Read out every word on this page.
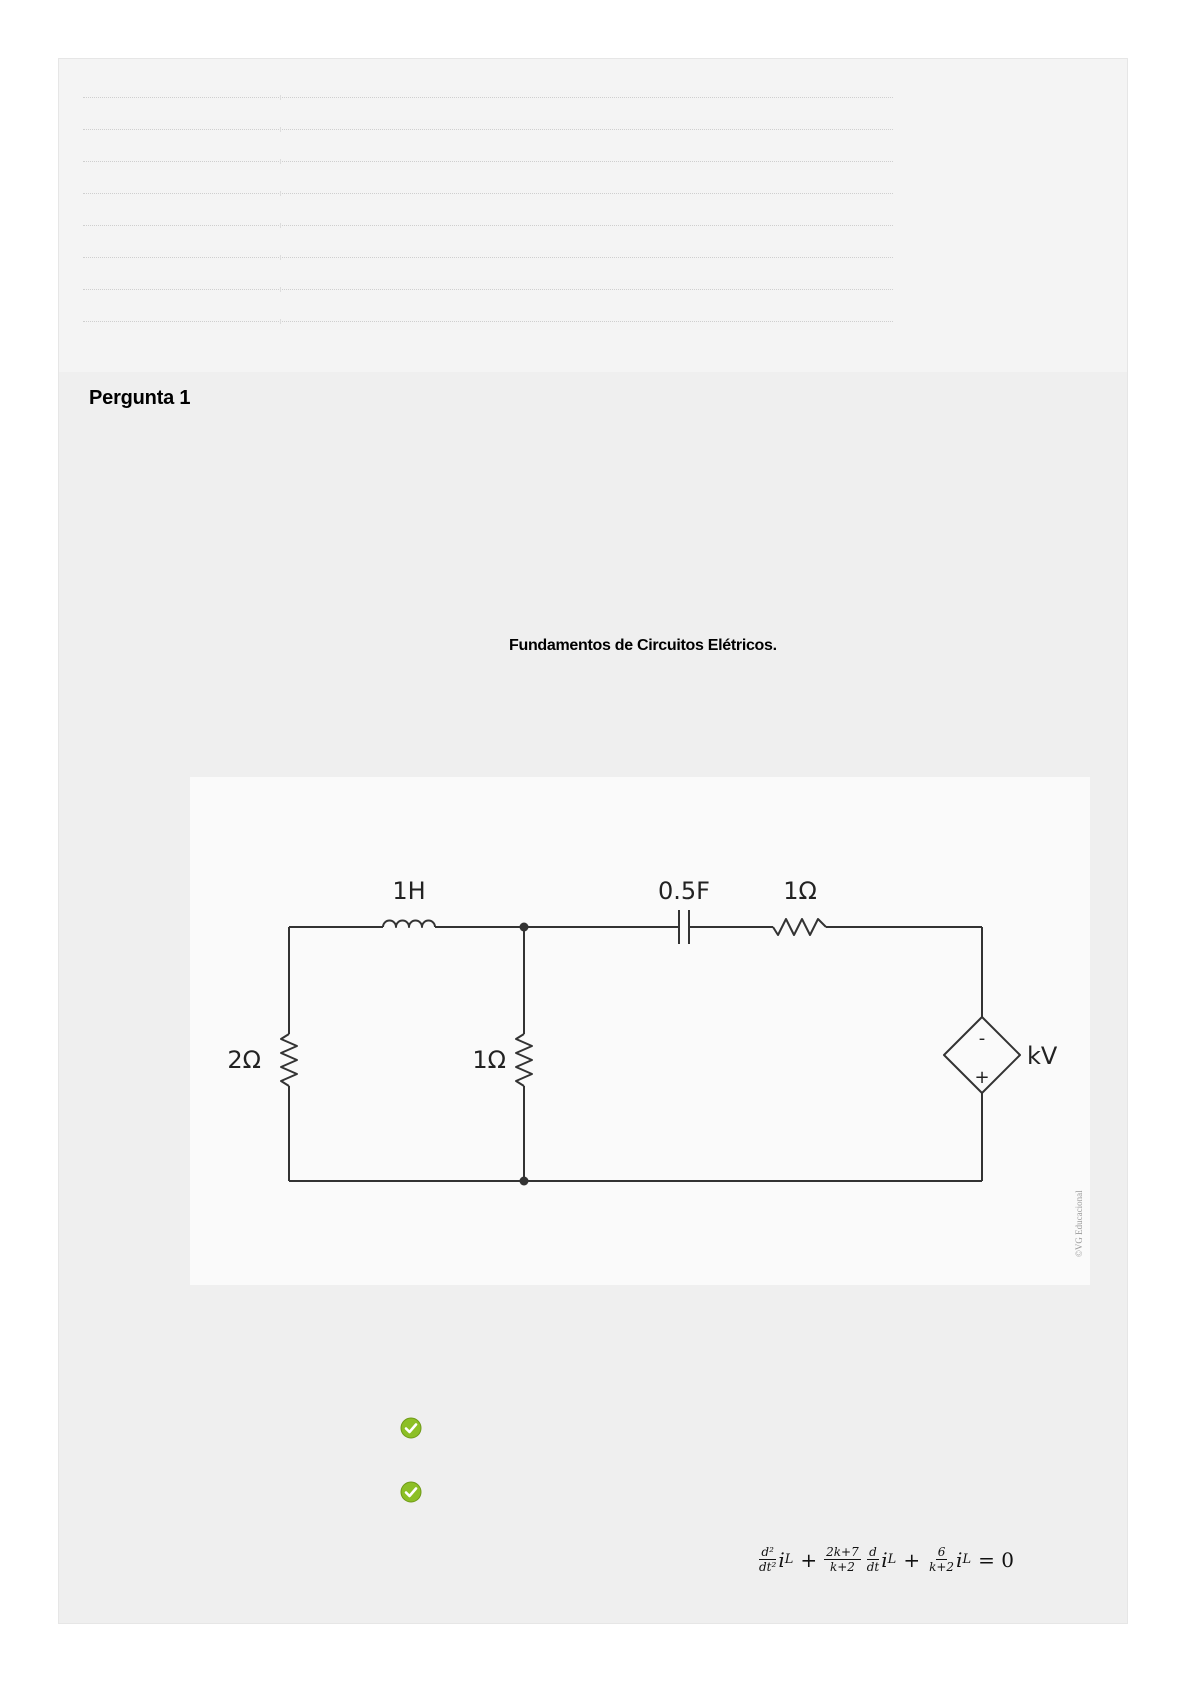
Pergunta 1
Fundamentos de Circuitos Elétricos.
1H	0.5F	1Ω
2Ω	1Ω	kV
-
+
©VG Educacional
$\frac{\text{d²}}{\text{dt²}}$ i $L + \frac{2k+7}{k+2} \frac{d}{dt}$ i $L + \frac{6}{k+2}$ i L = 0
